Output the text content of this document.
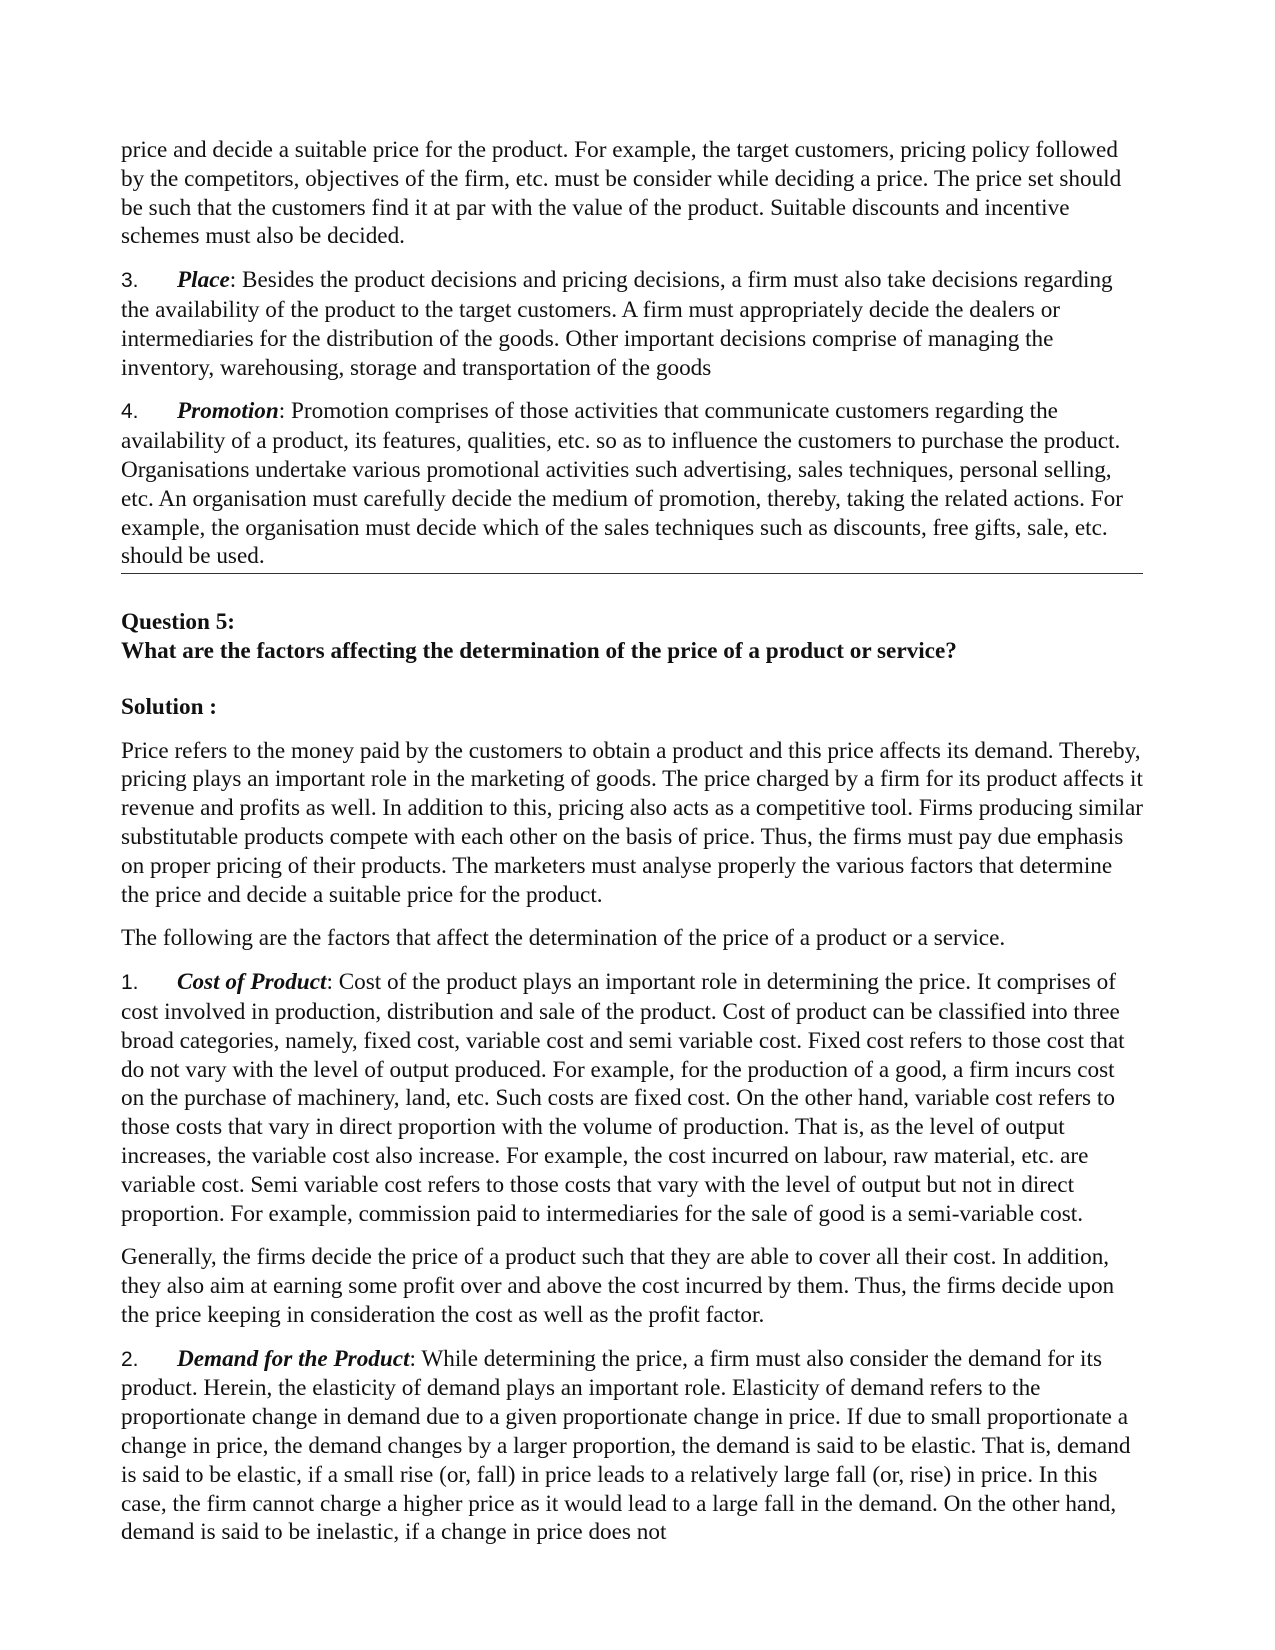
price and decide a suitable price for the product. For example, the target customers, pricing policy followed by the competitors, objectives of the firm, etc. must be consider while deciding a price. The price set should be such that the customers find it at par with the value of the product. Suitable discounts and incentive schemes must also be decided.

3. Place: Besides the product decisions and pricing decisions, a firm must also take decisions regarding the availability of the product to the target customers. A firm must appropriately decide the dealers or intermediaries for the distribution of the goods. Other important decisions comprise of managing the inventory, warehousing, storage and transportation of the goods

4. Promotion: Promotion comprises of those activities that communicate customers regarding the availability of a product, its features, qualities, etc. so as to influence the customers to purchase the product. Organisations undertake various promotional activities such advertising, sales techniques, personal selling, etc. An organisation must carefully decide the medium of promotion, thereby, taking the related actions. For example, the organisation must decide which of the sales techniques such as discounts, free gifts, sale, etc. should be used.

Question 5:
What are the factors affecting the determination of the price of a product or service?

Solution :

Price refers to the money paid by the customers to obtain a product and this price affects its demand. Thereby, pricing plays an important role in the marketing of goods. The price charged by a firm for its product affects it revenue and profits as well. In addition to this, pricing also acts as a competitive tool. Firms producing similar substitutable products compete with each other on the basis of price. Thus, the firms must pay due emphasis on proper pricing of their products. The marketers must analyse properly the various factors that determine the price and decide a suitable price for the product.

The following are the factors that affect the determination of the price of a product or a service.

1. Cost of Product: Cost of the product plays an important role in determining the price. It comprises of cost involved in production, distribution and sale of the product. Cost of product can be classified into three broad categories, namely, fixed cost, variable cost and semi variable cost. Fixed cost refers to those cost that do not vary with the level of output produced. For example, for the production of a good, a firm incurs cost on the purchase of machinery, land, etc. Such costs are fixed cost. On the other hand, variable cost refers to those costs that vary in direct proportion with the volume of production. That is, as the level of output increases, the variable cost also increase. For example, the cost incurred on labour, raw material, etc. are variable cost. Semi variable cost refers to those costs that vary with the level of output but not in direct proportion. For example, commission paid to intermediaries for the sale of good is a semi-variable cost.

Generally, the firms decide the price of a product such that they are able to cover all their cost. In addition, they also aim at earning some profit over and above the cost incurred by them. Thus, the firms decide upon the price keeping in consideration the cost as well as the profit factor.

2. Demand for the Product: While determining the price, a firm must also consider the demand for its product. Herein, the elasticity of demand plays an important role. Elasticity of demand refers to the proportionate change in demand due to a given proportionate change in price. If due to small proportionate a change in price, the demand changes by a larger proportion, the demand is said to be elastic. That is, demand is said to be elastic, if a small rise (or, fall) in price leads to a relatively large fall (or, rise) in price. In this case, the firm cannot charge a higher price as it would lead to a large fall in the demand. On the other hand, demand is said to be inelastic, if a change in price does not
